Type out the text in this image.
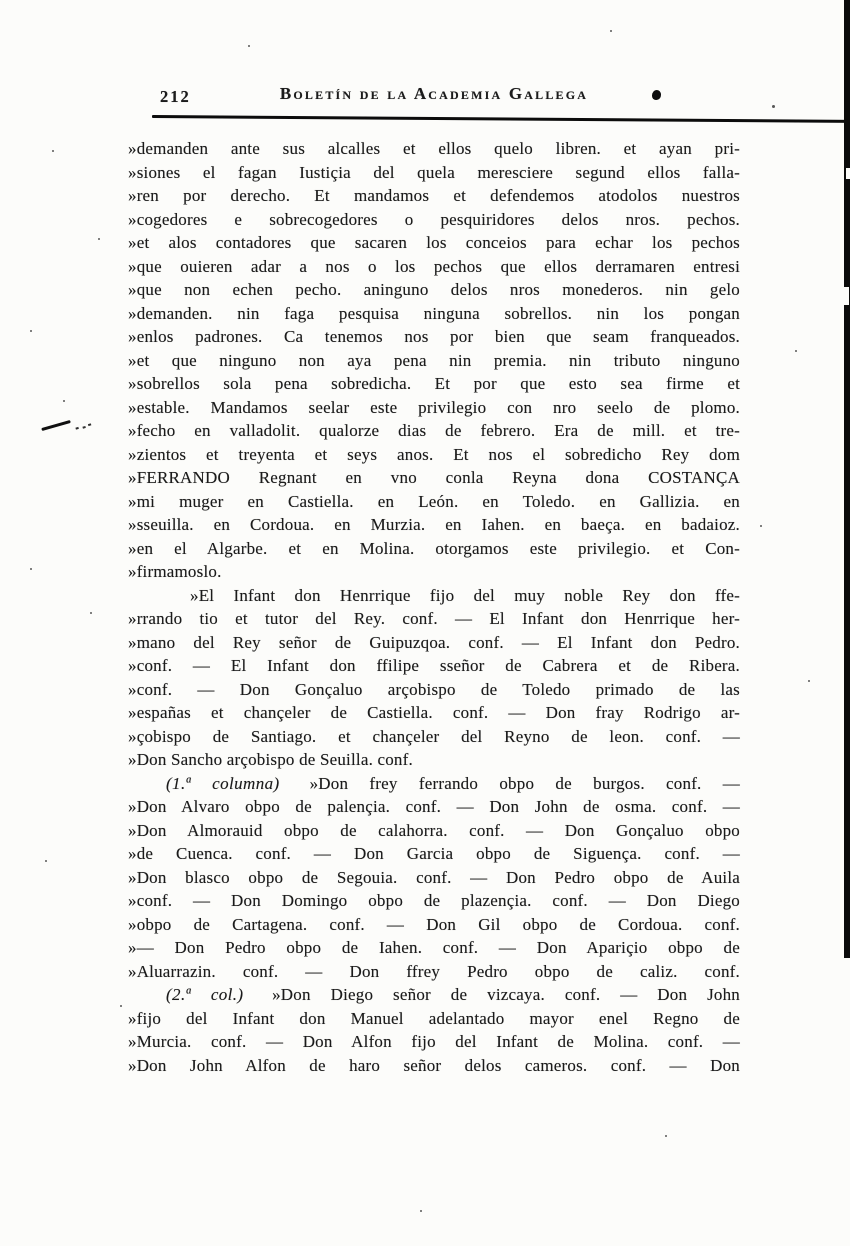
212	Boletín de la Academia Gallega
»demanden ante sus alcalles et ellos quelo libren. et ayan pri-
»siones el fagan Iustiçia del quela meresciere segund ellos falla-
»ren por derecho. Et mandamos et defendemos atodolos nuestros
»cogedores e sobrecogedores o pesquiridores delos nros. pechos.
»et alos contadores que sacaren los conceios para echar los pechos
»que ouieren adar a nos o los pechos que ellos derramaren entresi
»que non echen pecho. aninguno delos nros monederos. nin gelo
»demanden. nin faga pesquisa ninguna sobrellos. nin los pongan
»enlos padrones. Ca tenemos nos por bien que seam franqueados.
»et que ninguno non aya pena nin premia. nin tributo ninguno
»sobrellos sola pena sobredicha. Et por que esto sea firme et
»estable. Mandamos seelar este privilegio con nro seelo de plomo.
»fecho en valladolit. qualorze dias de febrero. Era de mill. et tre-
»zientos et treyenta et seys anos. Et nos el sobredicho Rey dom
»FERRANDO Regnant en vno conla Reyna dona COSTANÇA
»mi muger en Castiella. en León. en Toledo. en Gallizia. en
»sseuilla. en Cordoua. en Murzia. en Iahen. en baeça. en badaioz.
»en el Algarbe. et en Molina. otorgamos este privilegio. et Con-
»firmamoslo.
»El Infant don Henrrique fijo del muy noble Rey don ffe-
»rrando tio et tutor del Rey. conf. — El Infant don Henrrique her-
»mano del Rey señor de Guipuzqoa. conf. — El Infant don Pedro.
»conf. — El Infant don ffilipe sseñor de Cabrera et de Ribera.
»conf. — Don Gonçaluo arçobispo de Toledo primado de las
»españas et chançeler de Castiella. conf. — Don fray Rodrigo ar-
»çobispo de Santiago. et chançeler del Reyno de leon. conf. —
»Don Sancho arçobispo de Seuilla. conf.
(1.ª columna)  »Don frey ferrando obpo de burgos. conf. —
»Don Alvaro obpo de palençia. conf. — Don John de osma. conf. —
»Don Almorauid obpo de calahorra. conf. — Don Gonçaluo obpo
»de Cuenca. conf. — Don Garcia obpo de Siguença. conf. —
»Don blasco obpo de Segouia. conf. — Don Pedro obpo de Auila
»conf. — Don Domingo obpo de plazençia. conf. — Don Diego
»obpo de Cartagena. conf. — Don Gil obpo de Cordoua. conf.
»— Don Pedro obpo de Iahen. conf. — Don Apariçio obpo de
»Aluarrazin. conf. — Don ffrey Pedro obpo de caliz. conf.
(2.ª col.)  »Don Diego señor de vizcaya. conf. — Don John
»fijo del Infant don Manuel adelantado mayor enel Regno de
»Murcia. conf. — Don Alfon fijo del Infant de Molina. conf. —
»Don John Alfon de haro señor delos cameros. conf. — Don
